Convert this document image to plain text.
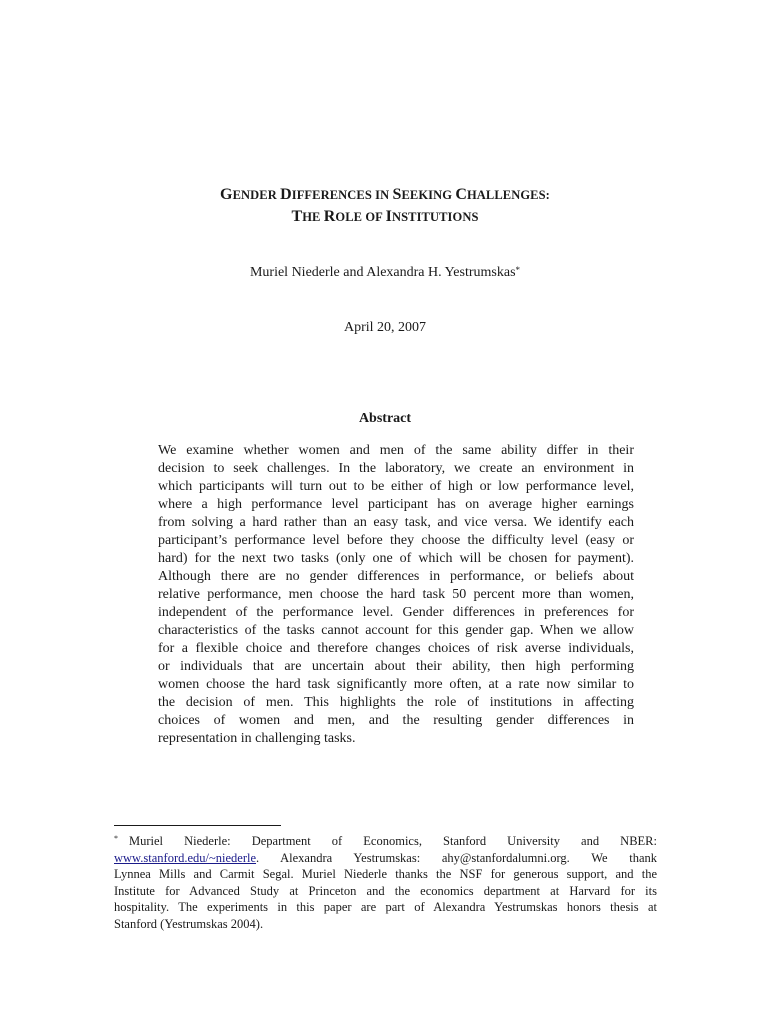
GENDER DIFFERENCES IN SEEKING CHALLENGES:
THE ROLE OF INSTITUTIONS
Muriel Niederle and Alexandra H. Yestrumskas*
April 20, 2007
Abstract
We examine whether women and men of the same ability differ in their
decision to seek challenges. In the laboratory, we create an environment in
which participants will turn out to be either of high or low performance level,
where a high performance level participant has on average higher earnings
from solving a hard rather than an easy task, and vice versa. We identify each
participant’s performance level before they choose the difficulty level (easy or
hard) for the next two tasks (only one of which will be chosen for payment).
Although there are no gender differences in performance, or beliefs about
relative performance, men choose the hard task 50 percent more than women,
independent of the performance level. Gender differences in preferences for
characteristics of the tasks cannot account for this gender gap. When we allow
for a flexible choice and therefore changes choices of risk averse individuals,
or individuals that are uncertain about their ability, then high performing
women choose the hard task significantly more often, at a rate now similar to
the decision of men. This highlights the role of institutions in affecting
choices of women and men, and the resulting gender differences in
representation in challenging tasks.
* Muriel Niederle: Department of Economics, Stanford University and NBER:
www.stanford.edu/~niederle. Alexandra Yestrumskas: ahy@stanfordalumni.org. We thank
Lynnea Mills and Carmit Segal. Muriel Niederle thanks the NSF for generous support, and the
Institute for Advanced Study at Princeton and the economics department at Harvard for its
hospitality. The experiments in this paper are part of Alexandra Yestrumskas honors thesis at
Stanford (Yestrumskas 2004).
